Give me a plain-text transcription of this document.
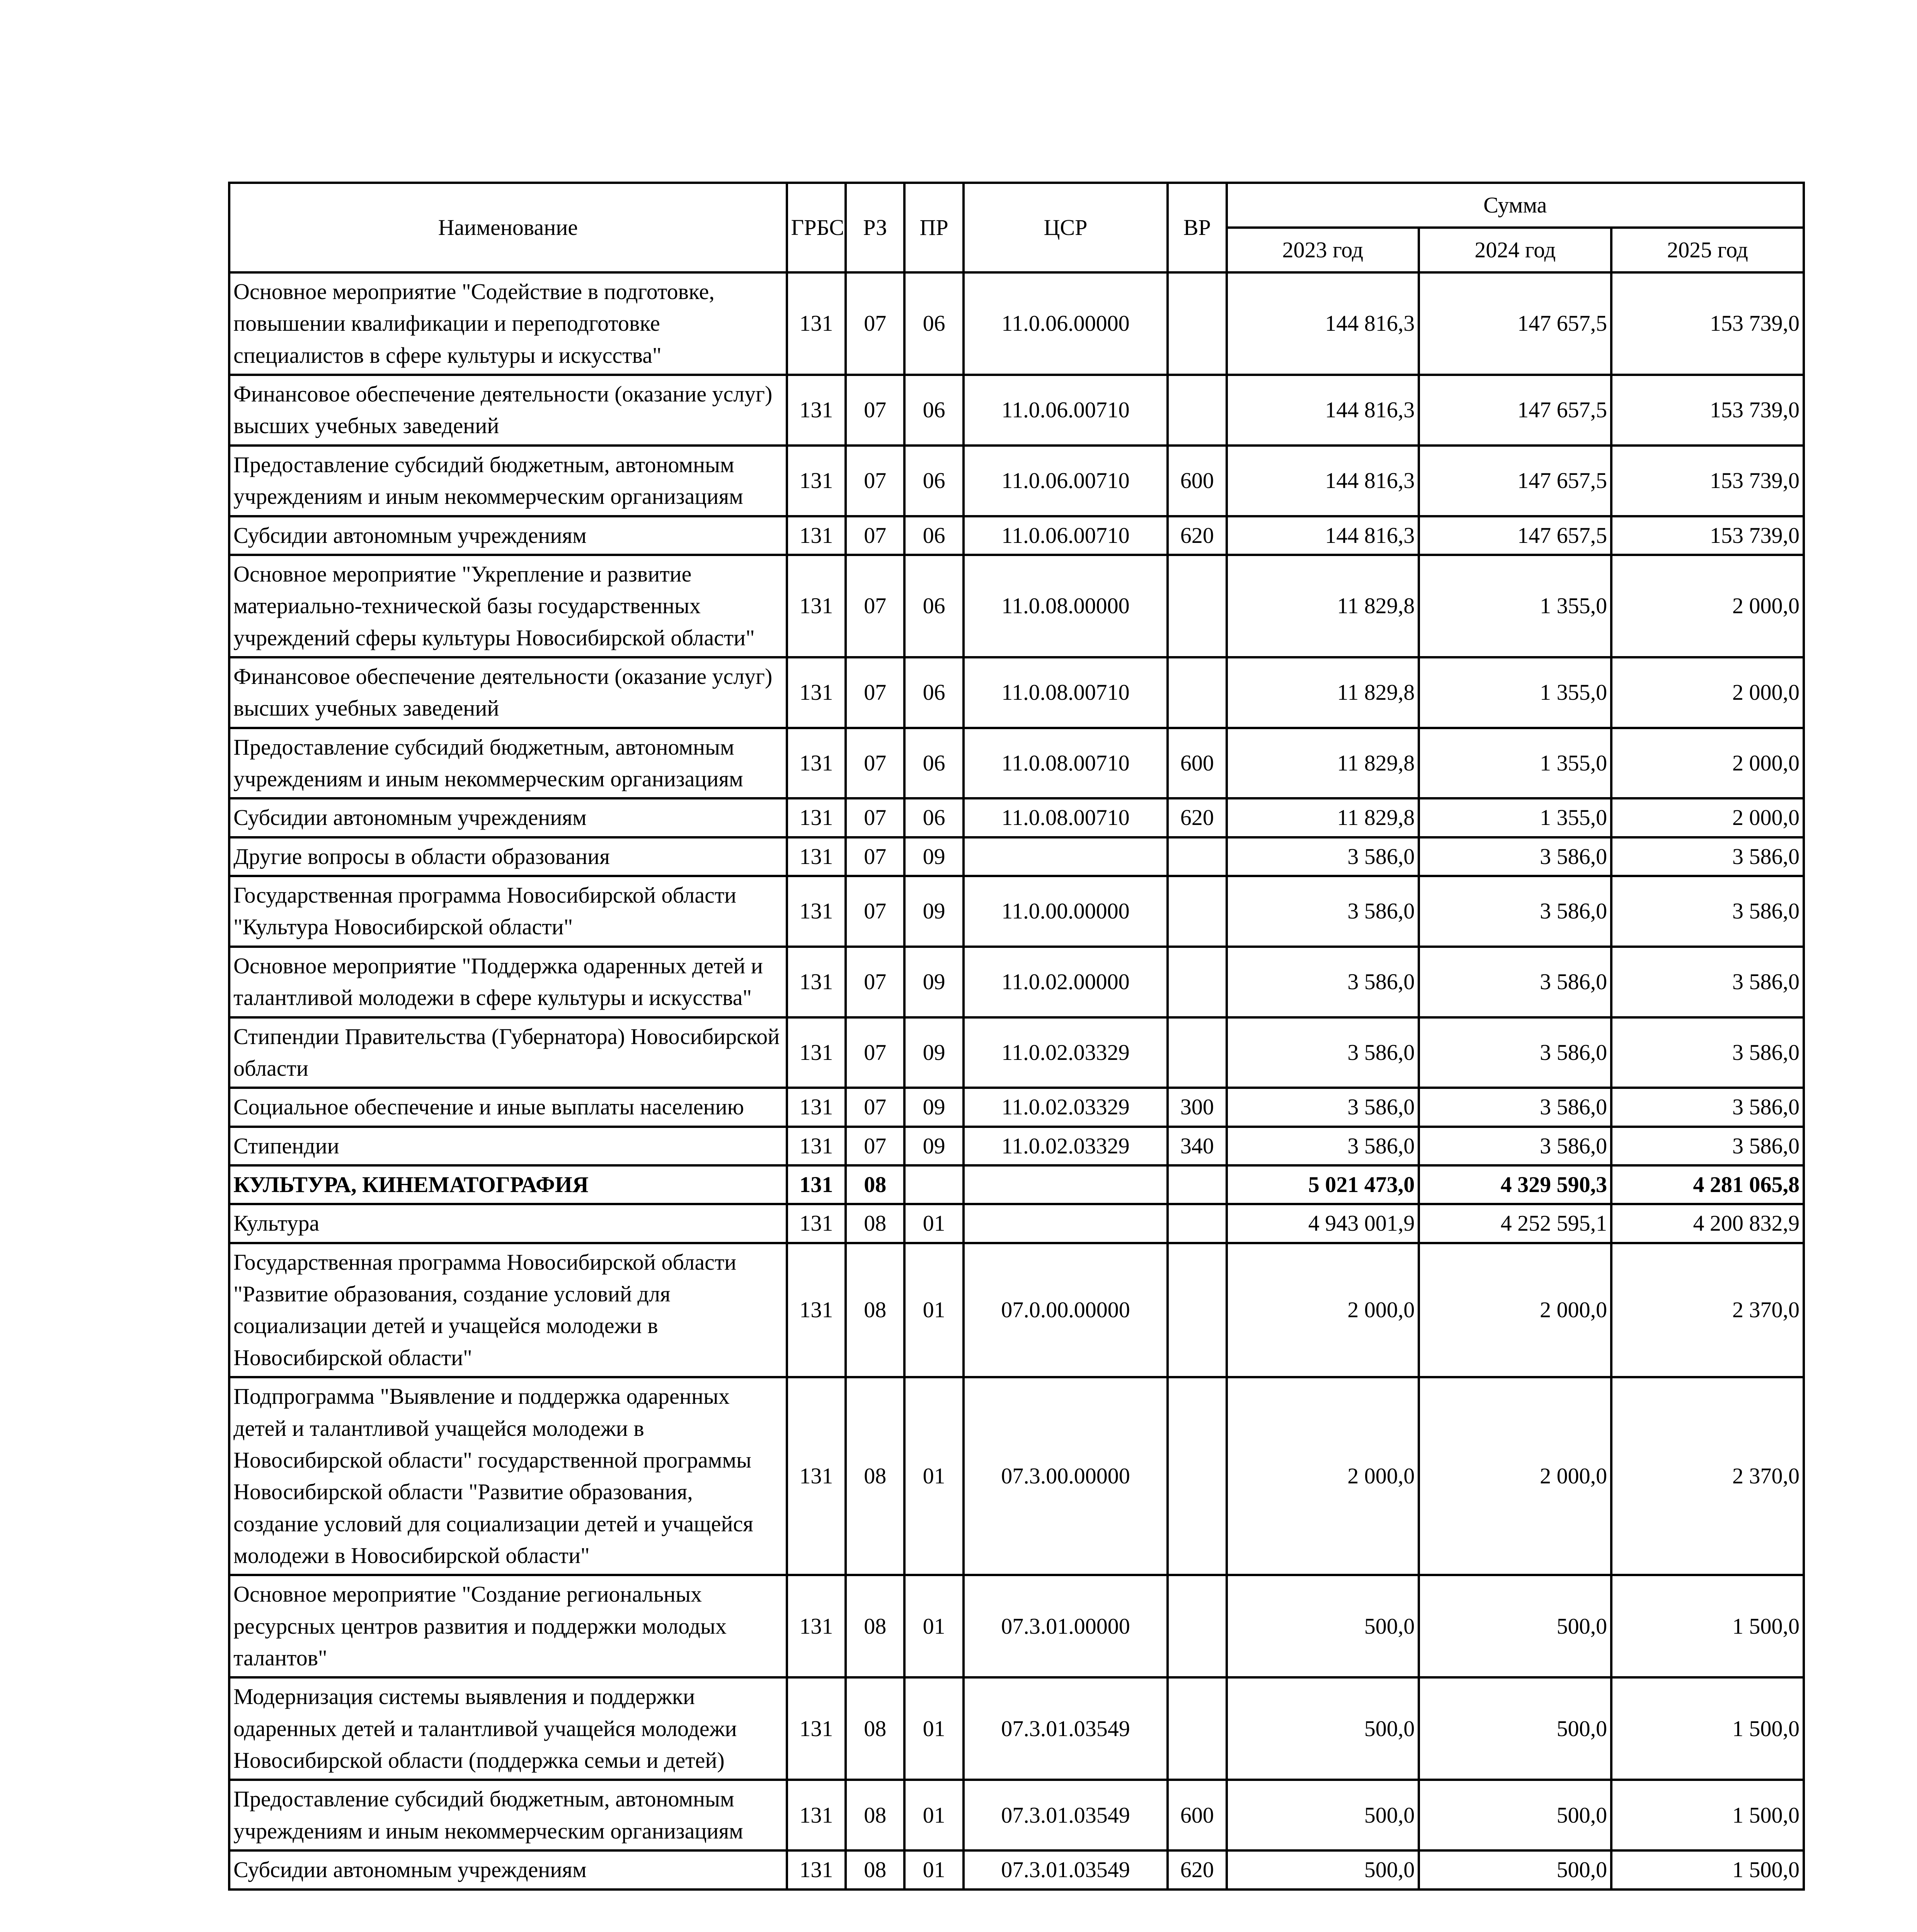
Наименование	ГРБС	РЗ	ПР	ЦСР	ВР	Сумма		
						2023 год	2024 год	2025 год
Основное мероприятие "Содействие в подготовке, повышении квалификации и переподготовке специалистов в сфере культуры и искусства"	131	07	06	11.0.06.00000		144 816,3	147 657,5	153 739,0
Финансовое обеспечение деятельности (оказание услуг) высших учебных заведений	131	07	06	11.0.06.00710		144 816,3	147 657,5	153 739,0
Предоставление субсидий бюджетным, автономным учреждениям и иным некоммерческим организациям	131	07	06	11.0.06.00710	600	144 816,3	147 657,5	153 739,0
Субсидии автономным учреждениям	131	07	06	11.0.06.00710	620	144 816,3	147 657,5	153 739,0
Основное мероприятие "Укрепление и развитие материально-технической базы государственных учреждений сферы культуры Новосибирской области"	131	07	06	11.0.08.00000		11 829,8	1 355,0	2 000,0
Финансовое обеспечение деятельности (оказание услуг) высших учебных заведений	131	07	06	11.0.08.00710		11 829,8	1 355,0	2 000,0
Предоставление субсидий бюджетным, автономным учреждениям и иным некоммерческим организациям	131	07	06	11.0.08.00710	600	11 829,8	1 355,0	2 000,0
Субсидии автономным учреждениям	131	07	06	11.0.08.00710	620	11 829,8	1 355,0	2 000,0
Другие вопросы в области образования	131	07	09			3 586,0	3 586,0	3 586,0
Государственная программа Новосибирской области "Культура Новосибирской области"	131	07	09	11.0.00.00000		3 586,0	3 586,0	3 586,0
Основное мероприятие "Поддержка одаренных детей и талантливой молодежи в сфере культуры и искусства"	131	07	09	11.0.02.00000		3 586,0	3 586,0	3 586,0
Стипендии Правительства (Губернатора) Новосибирской области	131	07	09	11.0.02.03329		3 586,0	3 586,0	3 586,0
Социальное обеспечение и иные выплаты населению	131	07	09	11.0.02.03329	300	3 586,0	3 586,0	3 586,0
Стипендии	131	07	09	11.0.02.03329	340	3 586,0	3 586,0	3 586,0
КУЛЬТУРА, КИНЕМАТОГРАФИЯ	131	08				5 021 473,0	4 329 590,3	4 281 065,8
Культура	131	08	01			4 943 001,9	4 252 595,1	4 200 832,9
Государственная программа Новосибирской области "Развитие образования, создание условий для социализации детей и учащейся молодежи в Новосибирской области"	131	08	01	07.0.00.00000		2 000,0	2 000,0	2 370,0
Подпрограмма "Выявление и поддержка одаренных детей и талантливой учащейся молодежи в Новосибирской области" государственной программы Новосибирской области "Развитие образования, создание условий для социализации детей и учащейся молодежи в Новосибирской области"	131	08	01	07.3.00.00000		2 000,0	2 000,0	2 370,0
Основное мероприятие "Создание региональных ресурсных центров развития и поддержки молодых талантов"	131	08	01	07.3.01.00000		500,0	500,0	1 500,0
Модернизация системы выявления и поддержки одаренных детей и талантливой учащейся молодежи Новосибирской области (поддержка семьи и детей)	131	08	01	07.3.01.03549		500,0	500,0	1 500,0
Предоставление субсидий бюджетным, автономным учреждениям и иным некоммерческим организациям	131	08	01	07.3.01.03549	600	500,0	500,0	1 500,0
Субсидии автономным учреждениям	131	08	01	07.3.01.03549	620	500,0	500,0	1 500,0
